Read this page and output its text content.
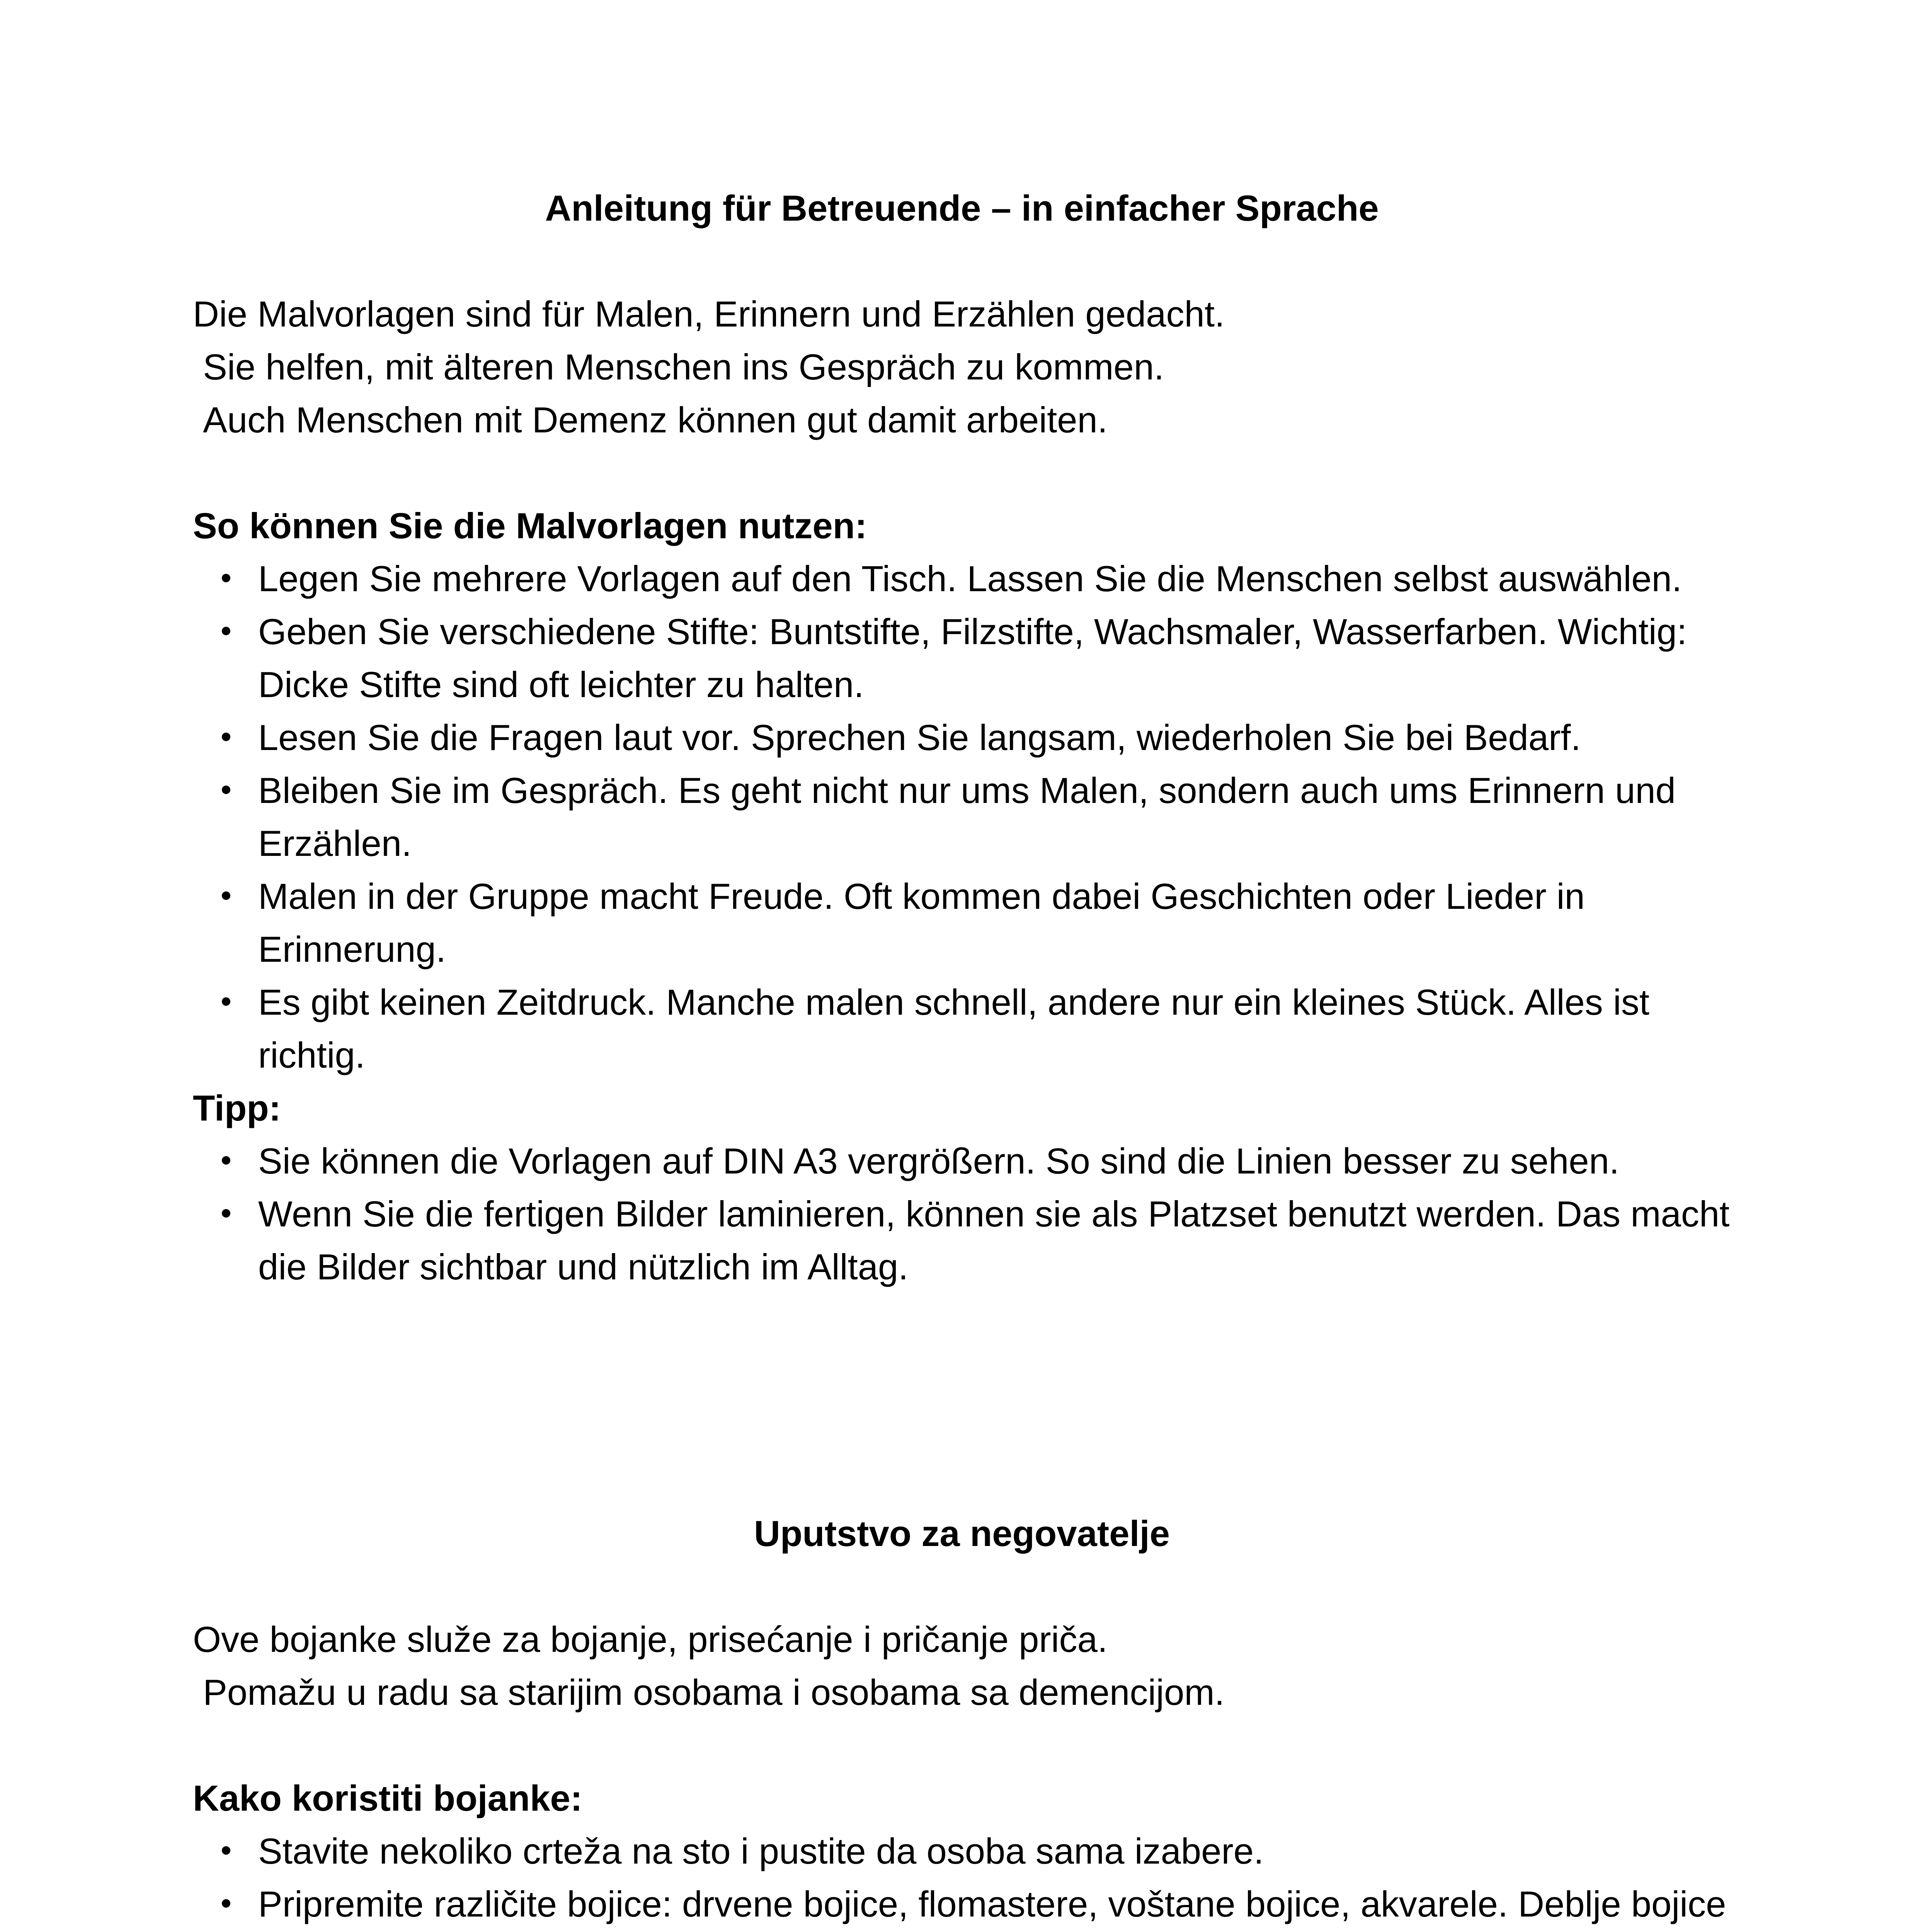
Anleitung für Betreuende – in einfacher Sprache

Die Malvorlagen sind für Malen, Erinnern und Erzählen gedacht.

Sie helfen, mit älteren Menschen ins Gespräch zu kommen.

Auch Menschen mit Demenz können gut damit arbeiten.

So können Sie die Malvorlagen nutzen:

Legen Sie mehrere Vorlagen auf den Tisch. Lassen Sie die Menschen selbst auswählen.
Geben Sie verschiedene Stifte: Buntstifte, Filzstifte, Wachsmaler, Wasserfarben. Wichtig: Dicke Stifte sind oft leichter zu halten.
Lesen Sie die Fragen laut vor. Sprechen Sie langsam, wiederholen Sie bei Bedarf.
Bleiben Sie im Gespräch. Es geht nicht nur ums Malen, sondern auch ums Erinnern und Erzählen.
Malen in der Gruppe macht Freude. Oft kommen dabei Geschichten oder Lieder in Erinnerung.
Es gibt keinen Zeitdruck. Manche malen schnell, andere nur ein kleines Stück. Alles ist richtig.

Tipp:

Sie können die Vorlagen auf DIN A3 vergrößern. So sind die Linien besser zu sehen.
Wenn Sie die fertigen Bilder laminieren, können sie als Platzset benutzt werden. Das macht die Bilder sichtbar und nützlich im Alltag.
Uputstvo za negovatelje

Ove bojanke služe za bojanje, prisećanje i pričanje priča.

Pomažu u radu sa starijim osobama i osobama sa demencijom.

Kako koristiti bojanke:

Stavite nekoliko crteža na sto i pustite da osoba sama izabere.
Pripremite različite bojice: drvene bojice, flomastere, voštane bojice, akvarele. Deblje bojice
